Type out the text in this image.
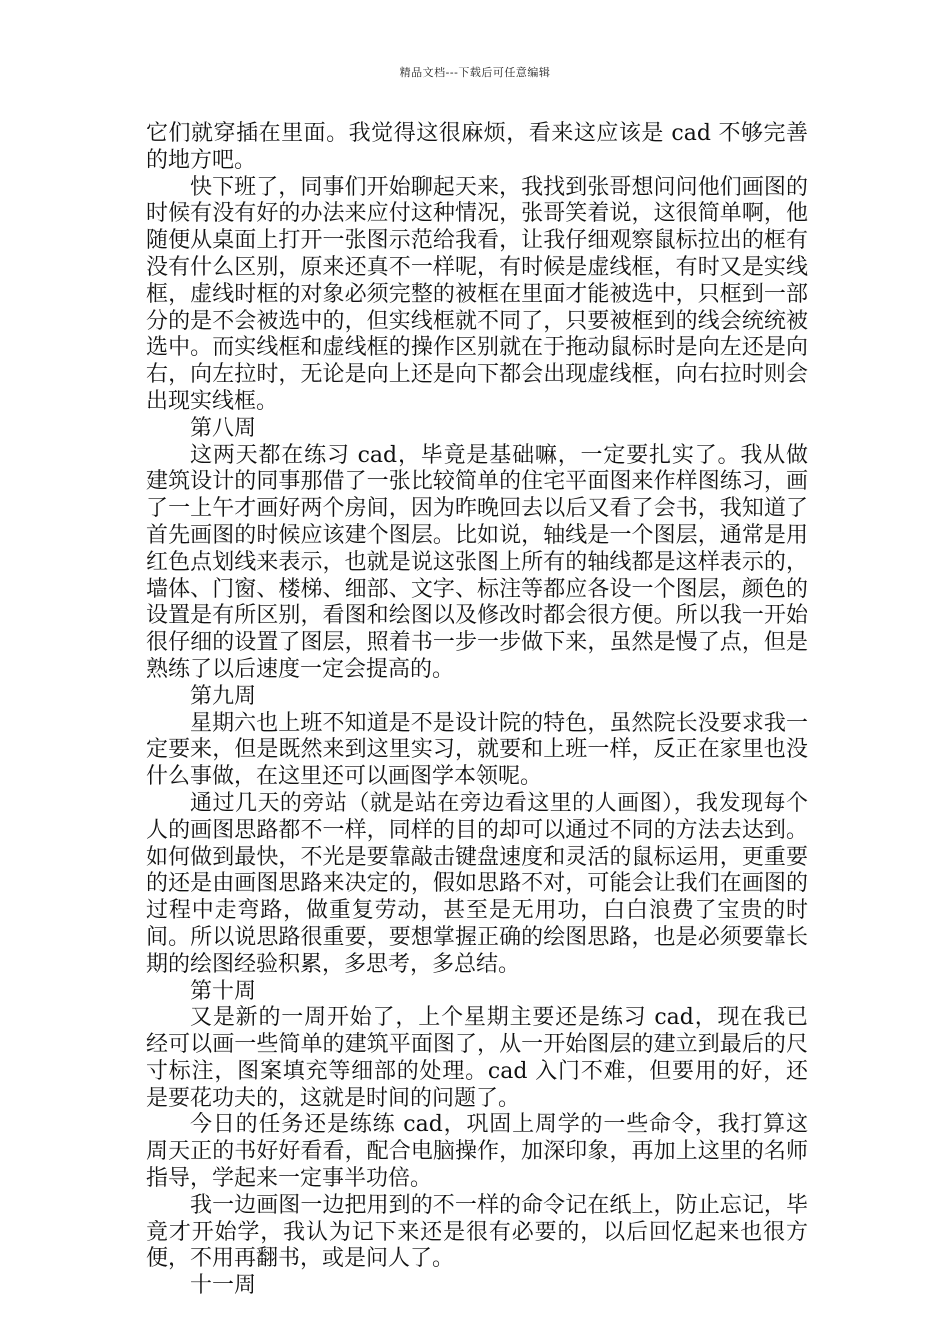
精品文档---下载后可任意编辑

它们就穿插在里面。我觉得这很麻烦，看来这应该是 cad 不够完善的地方吧。

快下班了，同事们开始聊起天来，我找到张哥想问问他们画图的时候有没有好的办法来应付这种情况，张哥笑着说，这很简单啊，他随便从桌面上打开一张图示范给我看，让我仔细观察鼠标拉出的框有没有什么区别，原来还真不一样呢，有时候是虚线框，有时又是实线框，虚线时框的对象必须完整的被框在里面才能被选中，只框到一部分的是不会被选中的，但实线框就不同了，只要被框到的线会统统被选中。而实线框和虚线框的操作区别就在于拖动鼠标时是向左还是向右，向左拉时，无论是向上还是向下都会出现虚线框，向右拉时则会出现实线框。

第八周

这两天都在练习 cad，毕竟是基础嘛，一定要扎实了。我从做建筑设计的同事那借了一张比较简单的住宅平面图来作样图练习，画了一上午才画好两个房间，因为昨晚回去以后又看了会书，我知道了首先画图的时候应该建个图层。比如说，轴线是一个图层，通常是用红色点划线来表示，也就是说这张图上所有的轴线都是这样表示的，墙体、门窗、楼梯、细部、文字、标注等都应各设一个图层，颜色的设置是有所区别，看图和绘图以及修改时都会很方便。所以我一开始很仔细的设置了图层，照着书一步一步做下来，虽然是慢了点，但是熟练了以后速度一定会提高的。

第九周

星期六也上班不知道是不是设计院的特色，虽然院长没要求我一定要来，但是既然来到这里实习，就要和上班一样，反正在家里也没什么事做，在这里还可以画图学本领呢。

通过几天的旁站（就是站在旁边看这里的人画图），我发现每个人的画图思路都不一样，同样的目的却可以通过不同的方法去达到。如何做到最快，不光是要靠敲击键盘速度和灵活的鼠标运用，更重要的还是由画图思路来决定的，假如思路不对，可能会让我们在画图的过程中走弯路，做重复劳动，甚至是无用功，白白浪费了宝贵的时间。所以说思路很重要，要想掌握正确的绘图思路，也是必须要靠长期的绘图经验积累，多思考，多总结。

第十周

又是新的一周开始了，上个星期主要还是练习 cad，现在我已经可以画一些简单的建筑平面图了，从一开始图层的建立到最后的尺寸标注，图案填充等细部的处理。cad 入门不难，但要用的好，还是要花功夫的，这就是时间的问题了。

今日的任务还是练练 cad，巩固上周学的一些命令，我打算这周天正的书好好看看，配合电脑操作，加深印象，再加上这里的名师指导，学起来一定事半功倍。

我一边画图一边把用到的不一样的命令记在纸上，防止忘记，毕竟才开始学，我认为记下来还是很有必要的，以后回忆起来也很方便，不用再翻书，或是问人了。

十一周
